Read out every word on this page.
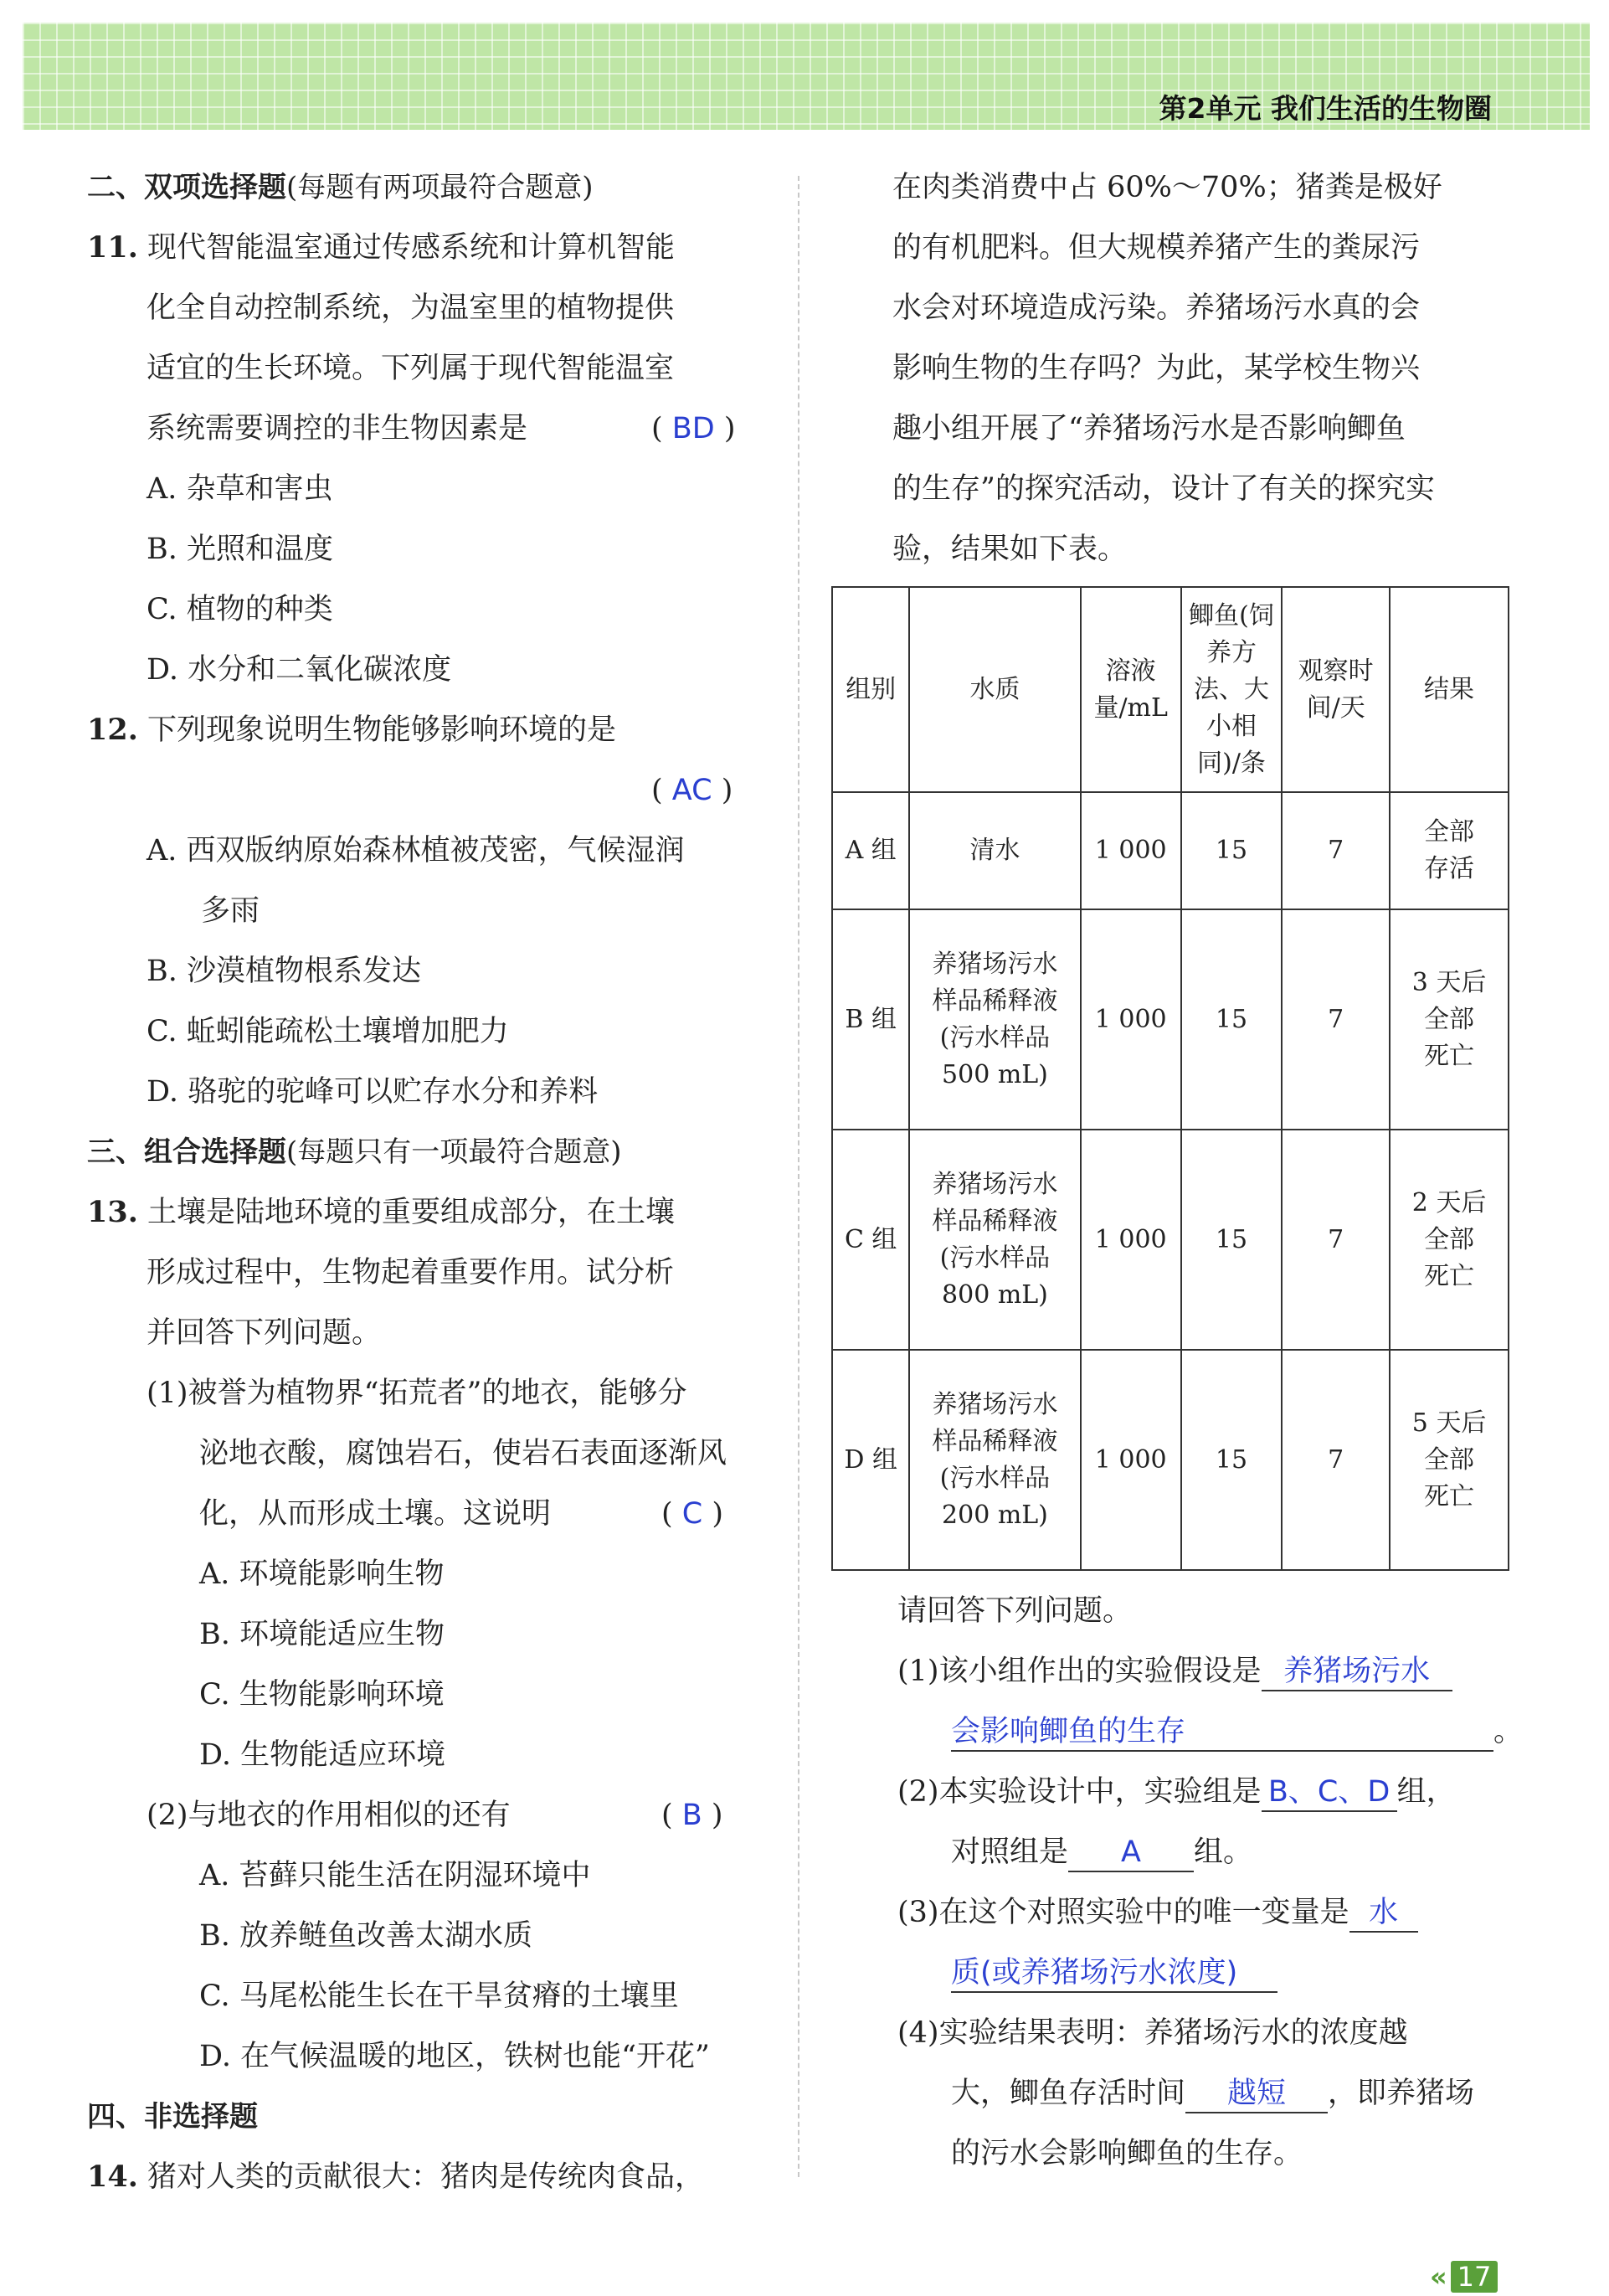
第2单元 我们生活的生物圈
二、双项选择题(每题有两项最符合题意)
11. 现代智能温室通过传感系统和计算机智能
化全自动控制系统，为温室里的植物提供
适宜的生长环境。下列属于现代智能温室
系统需要调控的非生物因素是	( BD )
A. 杂草和害虫
B. 光照和温度
C. 植物的种类
D. 水分和二氧化碳浓度
12. 下列现象说明生物能够影响环境的是
( AC )
A. 西双版纳原始森林植被茂密，气候湿润
多雨
B. 沙漠植物根系发达
C. 蚯蚓能疏松土壤增加肥力
D. 骆驼的驼峰可以贮存水分和养料
三、组合选择题(每题只有一项最符合题意)
13. 土壤是陆地环境的重要组成部分，在土壤
形成过程中，生物起着重要作用。试分析
并回答下列问题。
(1)被誉为植物界“拓荒者”的地衣，能够分
泌地衣酸，腐蚀岩石，使岩石表面逐渐风
化，从而形成土壤。这说明	( C )
A. 环境能影响生物
B. 环境能适应生物
C. 生物能影响环境
D. 生物能适应环境
(2)与地衣的作用相似的还有	( B )
A. 苔藓只能生活在阴湿环境中
B. 放养鲢鱼改善太湖水质
C. 马尾松能生长在干旱贫瘠的土壤里
D. 在气候温暖的地区，铁树也能“开花”
四、非选择题
14. 猪对人类的贡献很大：猪肉是传统肉食品，
在肉类消费中占 60%～70%；猪粪是极好
的有机肥料。但大规模养猪产生的粪尿污
水会对环境造成污染。养猪场污水真的会
影响生物的生存吗？为此，某学校生物兴
趣小组开展了“养猪场污水是否影响鲫鱼
的生存”的探究活动，设计了有关的探究实
验，结果如下表。
组别	水质	溶液量/mL	鲫鱼(饲养方法、大小相同)/条	观察时间/天	结果
A 组	清水	1 000	15	7	全部
存活
B 组	养猪场污水
样品稀释液
(污水样品
500 mL)	1 000	15	7	3 天后
全部
死亡
C 组	养猪场污水
样品稀释液
(污水样品
800 mL)	1 000	15	7	2 天后
全部
死亡
D 组	养猪场污水
样品稀释液
(污水样品
200 mL)	1 000	15	7	5 天后
全部
死亡
请回答下列问题。
(1)该小组作出的实验假设是 养猪场污水
会影响鲫鱼的生存	。
(2)本实验设计中，实验组是 B、C、D 组，
对照组是 A 组。
(3)在这个对照实验中的唯一变量是 水
质(或养猪场污水浓度)
(4)实验结果表明：养猪场污水的浓度越
大，鲫鱼存活时间 越短 ，即养猪场
的污水会影响鲫鱼的生存。
« 17
